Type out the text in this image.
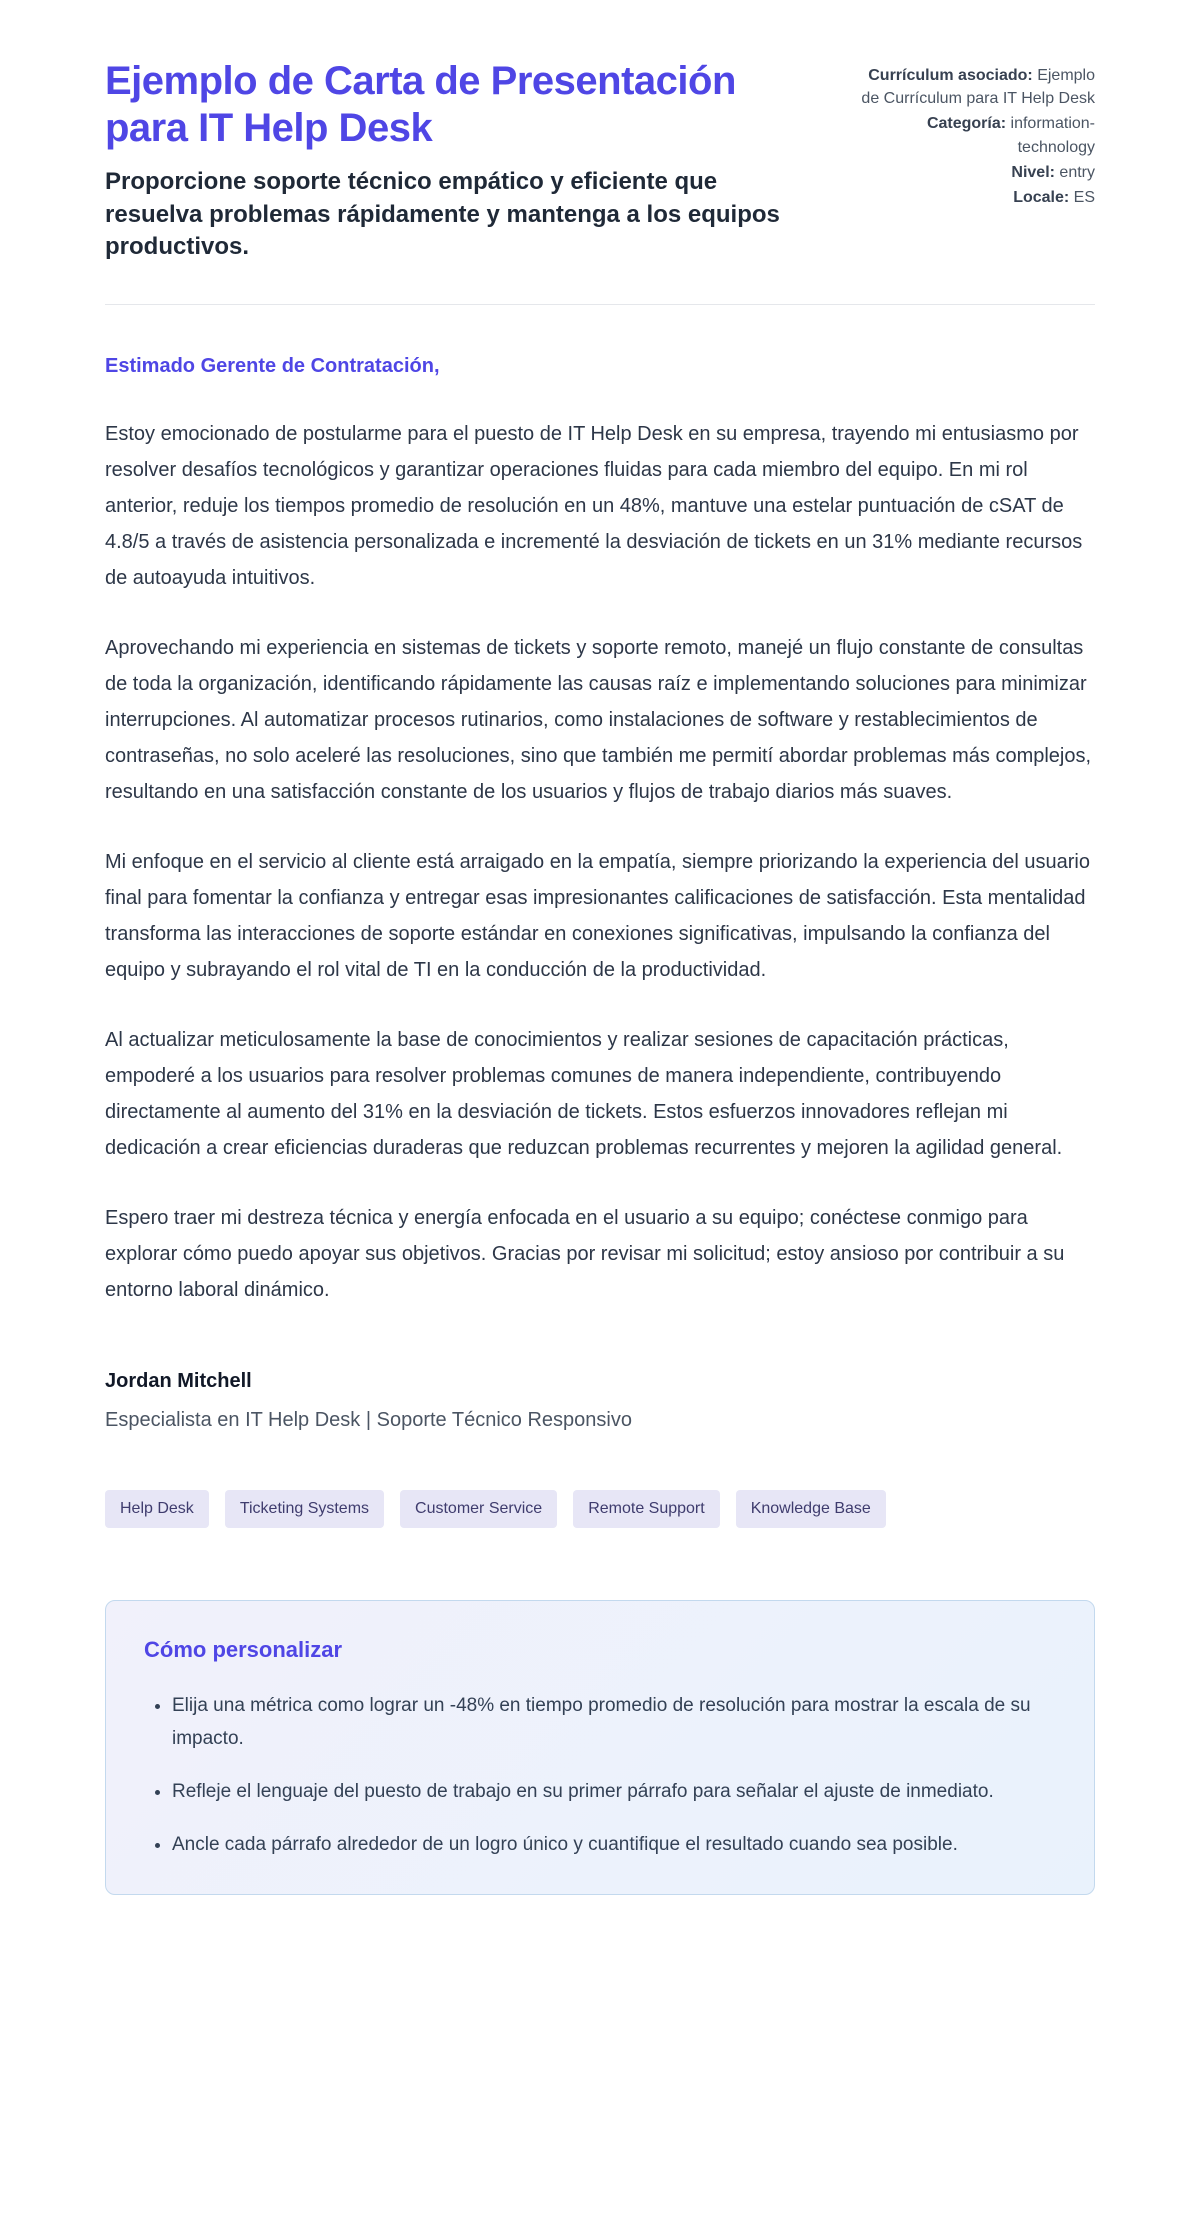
Ejemplo de Carta de Presentación para IT Help Desk
Proporcione soporte técnico empático y eficiente que resuelva problemas rápidamente y mantenga a los equipos productivos.
Currículum asociado: Ejemplo de Currículum para IT Help Desk
Categoría: information-technology
Nivel: entry
Locale: ES

Estimado Gerente de Contratación,

Estoy emocionado de postularme para el puesto de IT Help Desk en su empresa, trayendo mi entusiasmo por resolver desafíos tecnológicos y garantizar operaciones fluidas para cada miembro del equipo. En mi rol anterior, reduje los tiempos promedio de resolución en un 48%, mantuve una estelar puntuación de cSAT de 4.8/5 a través de asistencia personalizada e incrementé la desviación de tickets en un 31% mediante recursos de autoayuda intuitivos.

Aprovechando mi experiencia en sistemas de tickets y soporte remoto, manejé un flujo constante de consultas de toda la organización, identificando rápidamente las causas raíz e implementando soluciones para minimizar interrupciones. Al automatizar procesos rutinarios, como instalaciones de software y restablecimientos de contraseñas, no solo aceleré las resoluciones, sino que también me permití abordar problemas más complejos, resultando en una satisfacción constante de los usuarios y flujos de trabajo diarios más suaves.

Mi enfoque en el servicio al cliente está arraigado en la empatía, siempre priorizando la experiencia del usuario final para fomentar la confianza y entregar esas impresionantes calificaciones de satisfacción. Esta mentalidad transforma las interacciones de soporte estándar en conexiones significativas, impulsando la confianza del equipo y subrayando el rol vital de TI en la conducción de la productividad.

Al actualizar meticulosamente la base de conocimientos y realizar sesiones de capacitación prácticas, empoderé a los usuarios para resolver problemas comunes de manera independiente, contribuyendo directamente al aumento del 31% en la desviación de tickets. Estos esfuerzos innovadores reflejan mi dedicación a crear eficiencias duraderas que reduzcan problemas recurrentes y mejoren la agilidad general.

Espero traer mi destreza técnica y energía enfocada en el usuario a su equipo; conéctese conmigo para explorar cómo puedo apoyar sus objetivos. Gracias por revisar mi solicitud; estoy ansioso por contribuir a su entorno laboral dinámico.

Jordan Mitchell

Especialista en IT Help Desk | Soporte Técnico Responsivo

Help Desk	Ticketing Systems	Customer Service	Remote Support	Knowledge Base
Cómo personalizar
• Elija una métrica como lograr un -48% en tiempo promedio de resolución para mostrar la escala de su impacto.
• Refleje el lenguaje del puesto de trabajo en su primer párrafo para señalar el ajuste de inmediato.
• Ancle cada párrafo alrededor de un logro único y cuantifique el resultado cuando sea posible.
